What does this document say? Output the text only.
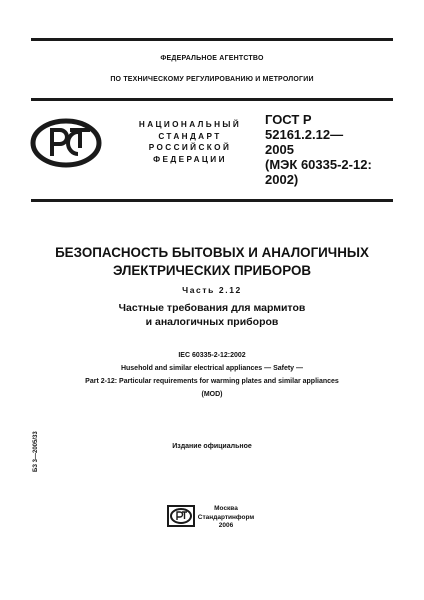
ФЕДЕРАЛЬНОЕ АГЕНТСТВО
ПО ТЕХНИЧЕСКОМУ РЕГУЛИРОВАНИЮ И МЕТРОЛОГИИ
НАЦИОНАЛЬНЫЙ
СТАНДАРТ
РОССИЙСКОЙ
ФЕДЕРАЦИИ
ГОСТ Р
52161.2.12—
2005
(МЭК 60335-2-12:
2002)
БЕЗОПАСНОСТЬ БЫТОВЫХ И АНАЛОГИЧНЫХ
ЭЛЕКТРИЧЕСКИХ ПРИБОРОВ
Часть 2.12
Частные требования для мармитов
и аналогичных приборов
IEC 60335-2-12:2002
Husehold and similar electrical appliances — Safety —
Part 2-12: Particular requirements for warming plates and similar appliances
(MOD)
Издание официальное
БЗ 3—2005/33
Москва
Стандартинформ
2006
